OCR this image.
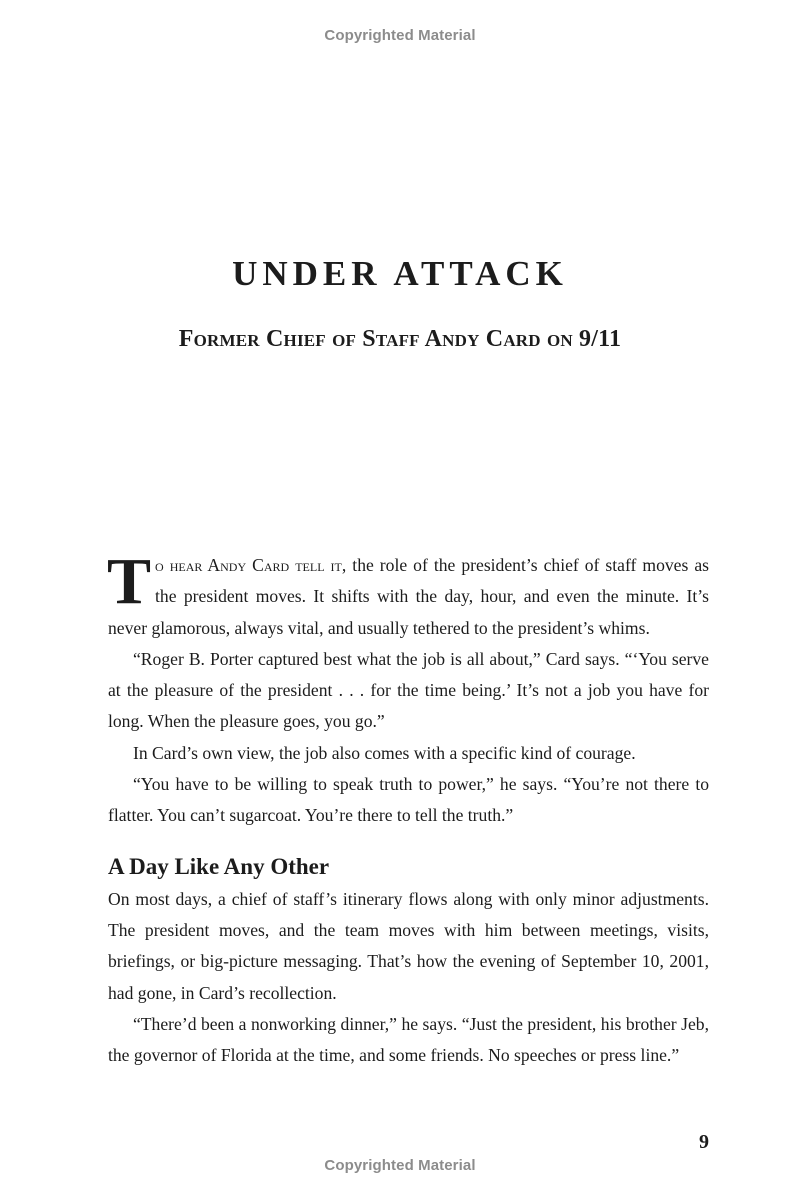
Copyrighted Material
UNDER ATTACK
Former Chief of Staff Andy Card on 9/11

To hear Andy Card tell it, the role of the president’s chief of staff moves as the president moves. It shifts with the day, hour, and even the minute. It’s never glamorous, always vital, and usually tethered to the president’s whims.

“Roger B. Porter captured best what the job is all about,” Card says. “‘You serve at the pleasure of the president . . . for the time being.’ It’s not a job you have for long. When the pleasure goes, you go.”

In Card’s own view, the job also comes with a specific kind of courage.

“You have to be willing to speak truth to power,” he says. “You’re not there to flatter. You can’t sugarcoat. You’re there to tell the truth.”

A Day Like Any Other

On most days, a chief of staff’s itinerary flows along with only minor adjustments. The president moves, and the team moves with him between meetings, visits, briefings, or big-picture messaging. That’s how the evening of September 10, 2001, had gone, in Card’s recollection.

“There’d been a nonworking dinner,” he says. “Just the president, his brother Jeb, the governor of Florida at the time, and some friends. No speeches or press line.”

9
Copyrighted Material
